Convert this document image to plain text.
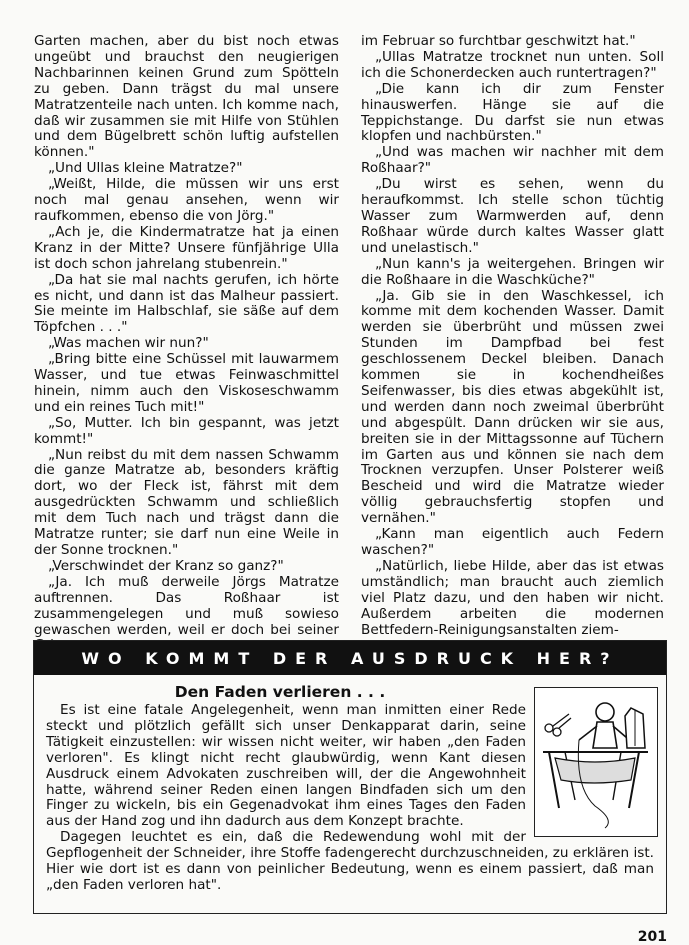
Garten machen, aber du bist noch etwas ungeübt und brauchst den neugierigen Nachbarinnen keinen Grund zum Spötteln zu geben. Dann trägst du mal unsere Matratzenteile nach unten. Ich komme nach, daß wir zusammen sie mit Hilfe von Stühlen und dem Bügelbrett schön luftig aufstellen können."

„Und Ullas kleine Matratze?"

„Weißt, Hilde, die müssen wir uns erst noch mal genau ansehen, wenn wir raufkommen, ebenso die von Jörg."

„Ach je, die Kindermatratze hat ja einen Kranz in der Mitte? Unsere fünfjährige Ulla ist doch schon jahrelang stubenrein."

„Da hat sie mal nachts gerufen, ich hörte es nicht, und dann ist das Malheur passiert. Sie meinte im Halbschlaf, sie säße auf dem Töpfchen . . ."

„Was machen wir nun?"

„Bring bitte eine Schüssel mit lauwarmem Wasser, und tue etwas Feinwaschmittel hinein, nimm auch den Viskoseschwamm und ein reines Tuch mit!"

„So, Mutter. Ich bin gespannt, was jetzt kommt!"

„Nun reibst du mit dem nassen Schwamm die ganze Matratze ab, besonders kräftig dort, wo der Fleck ist, fährst mit dem ausgedrückten Schwamm und schließlich mit dem Tuch nach und trägst dann die Matratze runter; sie darf nun eine Weile in der Sonne trocknen."

„Verschwindet der Kranz so ganz?"

„Ja. Ich muß derweile Jörgs Matratze auftrennen. Das Roßhaar ist zusammengelegen und muß sowieso gewaschen werden, weil er doch bei seiner

im Februar so furchtbar geschwitzt hat."

„Ullas Matratze trocknet nun unten. Soll ich die Schonerdecken auch runtertragen?"

„Die kann ich dir zum Fenster hinauswerfen. Hänge sie auf die Teppichstange. Du darfst sie nun etwas klopfen und nachbürsten."

„Und was machen wir nachher mit dem Roßhaar?"

„Du wirst es sehen, wenn du heraufkommst. Ich stelle schon tüchtig Wasser zum Warmwerden auf, denn Roßhaar würde durch kaltes Wasser glatt und unelastisch."

„Nun kann's ja weitergehen. Bringen wir die Roßhaare in die Waschküche?"

„Ja. Gib sie in den Waschkessel, ich komme mit dem kochenden Wasser. Damit werden sie überbrüht und müssen zwei Stunden im Dampfbad bei fest geschlossenem Deckel bleiben. Danach kommen sie in kochendheißes Seifenwasser, bis dies etwas abgekühlt ist, und werden dann noch zweimal überbrüht und abgespült. Dann drücken wir sie aus, breiten sie in der Mittagssonne auf Tüchern im Garten aus und können sie nach dem Trocknen verzupfen. Unser Polsterer weiß Bescheid und wird die Matratze wieder völlig gebrauchsfertig stopfen und vernähen."

„Kann man eigentlich auch Federn waschen?"

„Natürlich, liebe Hilde, aber das ist etwas umständlich; man braucht auch ziemlich viel Platz dazu, und den haben wir nicht. Außerdem arbeiten die modernen Bettfedern-Reinigungsanstalten ziem-

WO KOMMT DER AUSDRUCK HER?
Den Faden verlieren . . .

Es ist eine fatale Angelegenheit, wenn man inmitten einer Rede steckt und plötzlich gefällt sich unser Denkapparat darin, seine Tätigkeit einzustellen: wir wissen nicht weiter, wir haben „den Faden verloren". Es klingt nicht recht glaubwürdig, wenn Kant diesen Ausdruck einem Advokaten zuschreiben will, der die Angewohnheit hatte, während seiner Reden einen langen Bindfaden sich um den Finger zu wickeln, bis ein Gegenadvokat ihm eines Tages den Faden aus der Hand zog und ihn dadurch aus dem Konzept brachte.

Dagegen leuchtet es ein, daß die Redewendung wohl mit der Gepflogenheit der Schneider, ihre Stoffe fadengerecht durchzuschneiden, zu erklären ist. Hier wie dort ist es dann von peinlicher Bedeutung, wenn es einem passiert, daß man „den Faden verloren hat".

201
